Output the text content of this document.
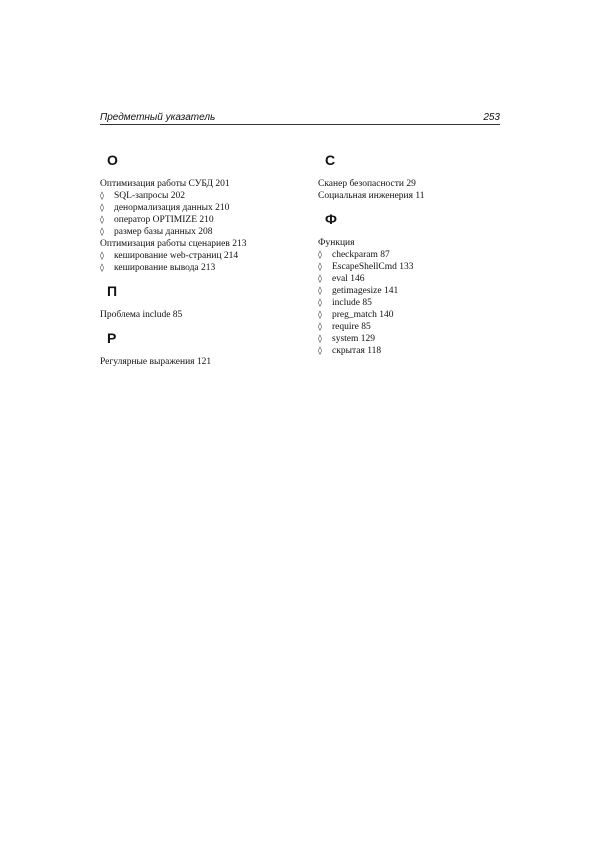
Предметный указатель	253
О
Оптимизация работы СУБД 201
◊ SQL-запросы 202
◊ денормализация данных 210
◊ оператор OPTIMIZE 210
◊ размер базы данных 208
Оптимизация работы сценариев 213
◊ кеширование web-страниц 214
◊ кеширование вывода 213
П
Проблема include 85
Р
Регулярные выражения 121
С
Сканер безопасности 29
Социальная инженерия 11
Ф
Функция
◊ checkparam 87
◊ EscapeShellCmd 133
◊ eval 146
◊ getimagesize 141
◊ include 85
◊ preg_match 140
◊ require 85
◊ system 129
◊ скрытая 118
